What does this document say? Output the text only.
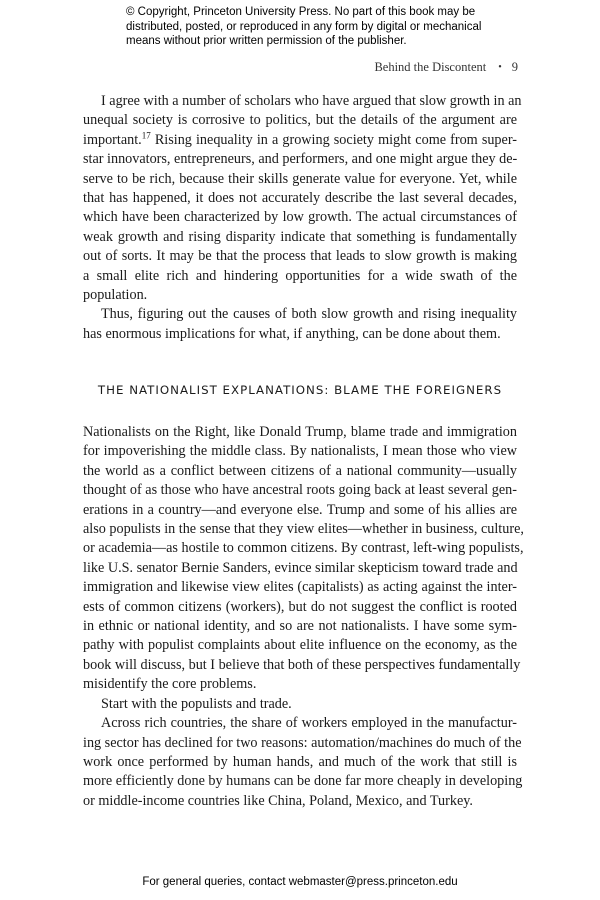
© Copyright, Princeton University Press. No part of this book may be
distributed, posted, or reproduced in any form by digital or mechanical
means without prior written permission of the publisher.
Behind the Discontent • 9
I agree with a number of scholars who have argued that slow growth in an
unequal society is corrosive to politics, but the details of the argument are
important.$^{17}$ Rising inequality in a growing society might come from super-
star innovators, entrepreneurs, and performers, and one might argue they de-
serve to be rich, because their skills generate value for everyone. Yet, while
that has happened, it does not accurately describe the last several decades,
which have been characterized by low growth. The actual circumstances of
weak growth and rising disparity indicate that something is fundamentally
out of sorts. It may be that the process that leads to slow growth is making
a small elite rich and hindering opportunities for a wide swath of the
population.
Thus, figuring out the causes of both slow growth and rising inequality
has enormous implications for what, if anything, can be done about them.
THE NATIONALIST EXPLANATIONS: BLAME THE FOREIGNERS
Nationalists on the Right, like Donald Trump, blame trade and immigration
for impoverishing the middle class. By nationalists, I mean those who view
the world as a conflict between citizens of a national community—usually
thought of as those who have ancestral roots going back at least several gen-
erations in a country—and everyone else. Trump and some of his allies are
also populists in the sense that they view elites—whether in business, culture,
or academia—as hostile to common citizens. By contrast, left-wing populists,
like U.S. senator Bernie Sanders, evince similar skepticism toward trade and
immigration and likewise view elites (capitalists) as acting against the inter-
ests of common citizens (workers), but do not suggest the conflict is rooted
in ethnic or national identity, and so are not nationalists. I have some sym-
pathy with populist complaints about elite influence on the economy, as the
book will discuss, but I believe that both of these perspectives fundamentally
misidentify the core problems.
Start with the populists and trade.
Across rich countries, the share of workers employed in the manufactur-
ing sector has declined for two reasons: automation/machines do much of the
work once performed by human hands, and much of the work that still is
more efficiently done by humans can be done far more cheaply in developing
or middle-income countries like China, Poland, Mexico, and Turkey.
For general queries, contact webmaster@press.princeton.edu
